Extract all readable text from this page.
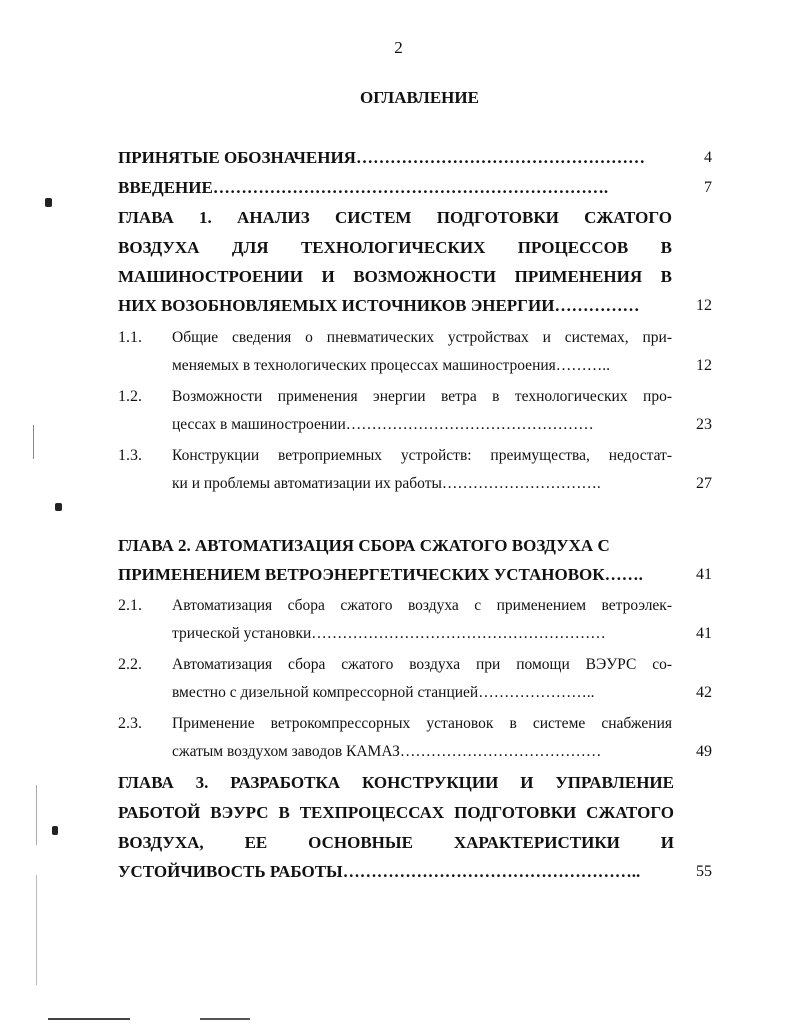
2
ОГЛАВЛЕНИЕ
ПРИНЯТЫЕ ОБОЗНАЧЕНИЯ……………………………………………	4
ВВЕДЕНИЕ…………………………………………………………….	7
ГЛАВА 1. АНАЛИЗ СИСТЕМ ПОДГОТОВКИ СЖАТОГО
ВОЗДУХА ДЛЯ ТЕХНОЛОГИЧЕСКИХ ПРОЦЕССОВ В
МАШИНОСТРОЕНИИ И ВОЗМОЖНОСТИ ПРИМЕНЕНИЯ В
НИХ ВОЗОБНОВЛЯЕМЫХ ИСТОЧНИКОВ ЭНЕРГИИ……………	12
1.1. Общие сведения о пневматических устройствах и системах, при-
меняемых в технологических процессах машиностроения………..	12
1.2. Возможности применения энергии ветра в технологических про-
цессах в машиностроении…………………………………………	23
1.3. Конструкции ветроприемных устройств: преимущества, недостат-
ки и проблемы автоматизации их работы………………………….	27
ГЛАВА 2. АВТОМАТИЗАЦИЯ СБОРА СЖАТОГО ВОЗДУХА С
ПРИМЕНЕНИЕМ ВЕТРОЭНЕРГЕТИЧЕСКИХ УСТАНОВОК…….	41
2.1. Автоматизация сбора сжатого воздуха с применением ветроэлек-
трической установки…………………………………………………	41
2.2. Автоматизация сбора сжатого воздуха при помощи ВЭУРС со-
вместно с дизельной компрессорной станцией…………………..	42
2.3. Применение ветрокомпрессорных установок в системе снабжения
сжатым воздухом заводов КАМАЗ…………………………………	49
ГЛАВА 3. РАЗРАБОТКА КОНСТРУКЦИИ И УПРАВЛЕНИЕ
РАБОТОЙ ВЭУРС В ТЕХПРОЦЕССАХ ПОДГОТОВКИ СЖАТОГО
ВОЗДУХА, ЕЕ ОСНОВНЫЕ ХАРАКТЕРИСТИКИ И
УСТОЙЧИВОСТЬ РАБОТЫ……………………………………………..	55
